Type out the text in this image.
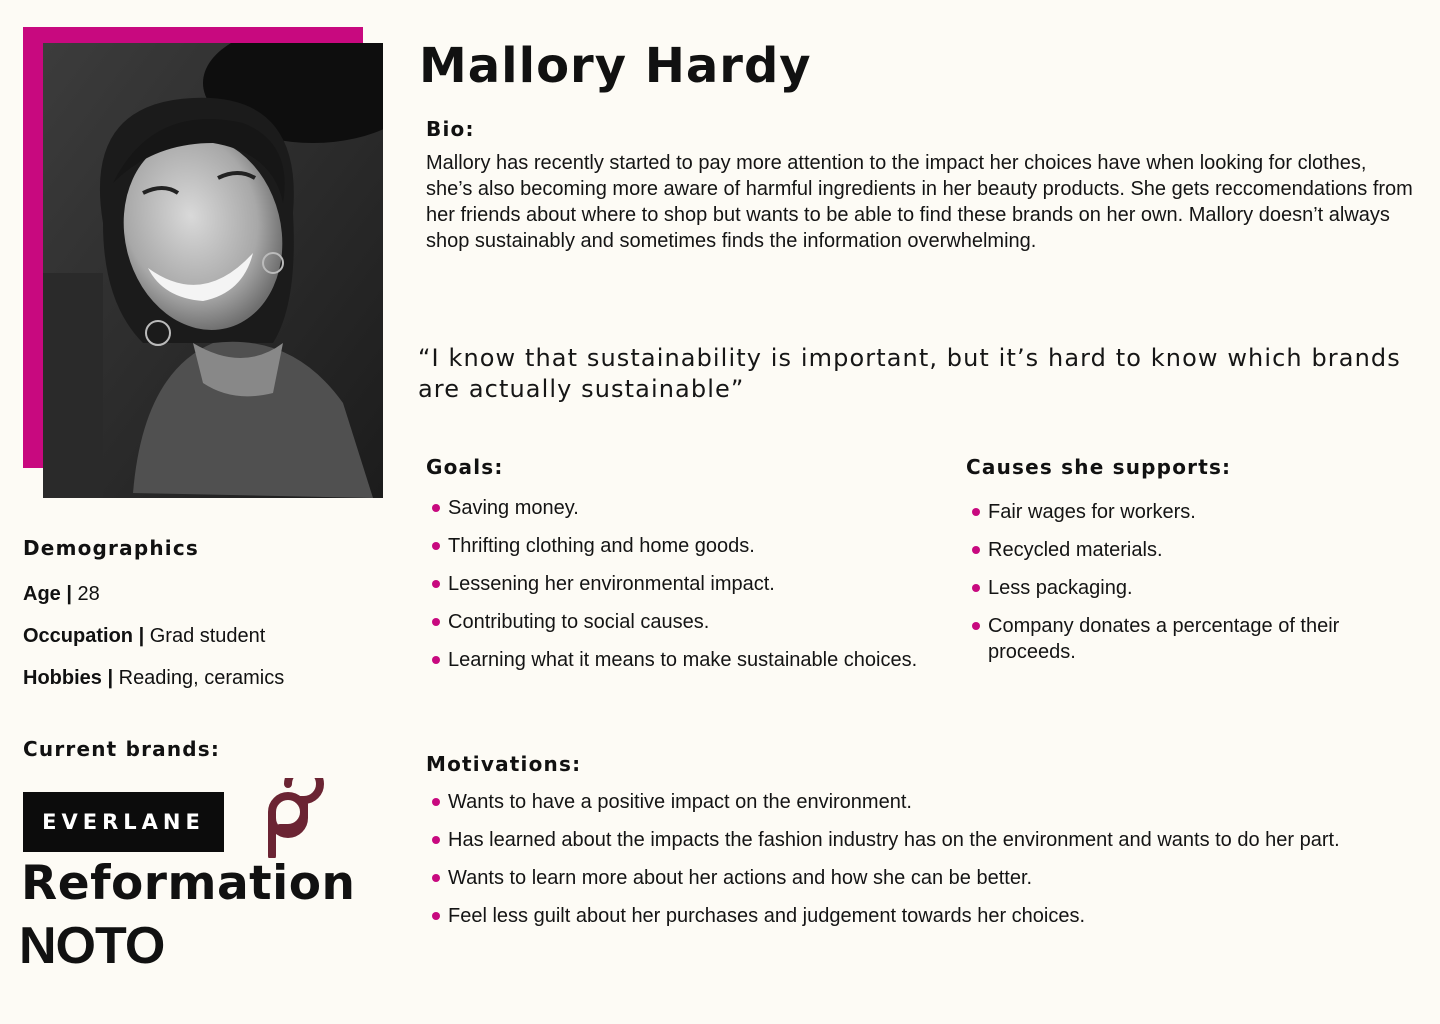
Mallory Hardy
Bio:

Mallory has recently started to pay more attention to the impact her choices have when looking for clothes, she’s also becoming more aware of harmful ingredients in her beauty products. She gets reccomendations from her friends about where to shop but wants to be able to find these brands on her own. Mallory doesn’t always shop sustainably and sometimes finds the information overwhelming.

“I know that sustainability is important, but it’s hard to know which brands are actually sustainable”

Goals:
Saving money.
Thrifting clothing and home goods.
Lessening her environmental impact.
Contributing to social causes.
Learning what it means to make sustainable choices.
Causes she supports:
Fair wages for workers.
Recycled materials.
Less packaging.
Company donates a percentage of their proceeds.
Motivations:
Wants to have a positive impact on the environment.
Has learned about the impacts the fashion industry has on the environment and wants to do her part.
Wants to learn more about her actions and how she can be better.
Feel less guilt about her purchases and judgement towards her choices.
Demographics
Age | 28
Occupation | Grad student
Hobbies | Reading, ceramics
Current brands:
EVERLANE
Reformation
NOTO
